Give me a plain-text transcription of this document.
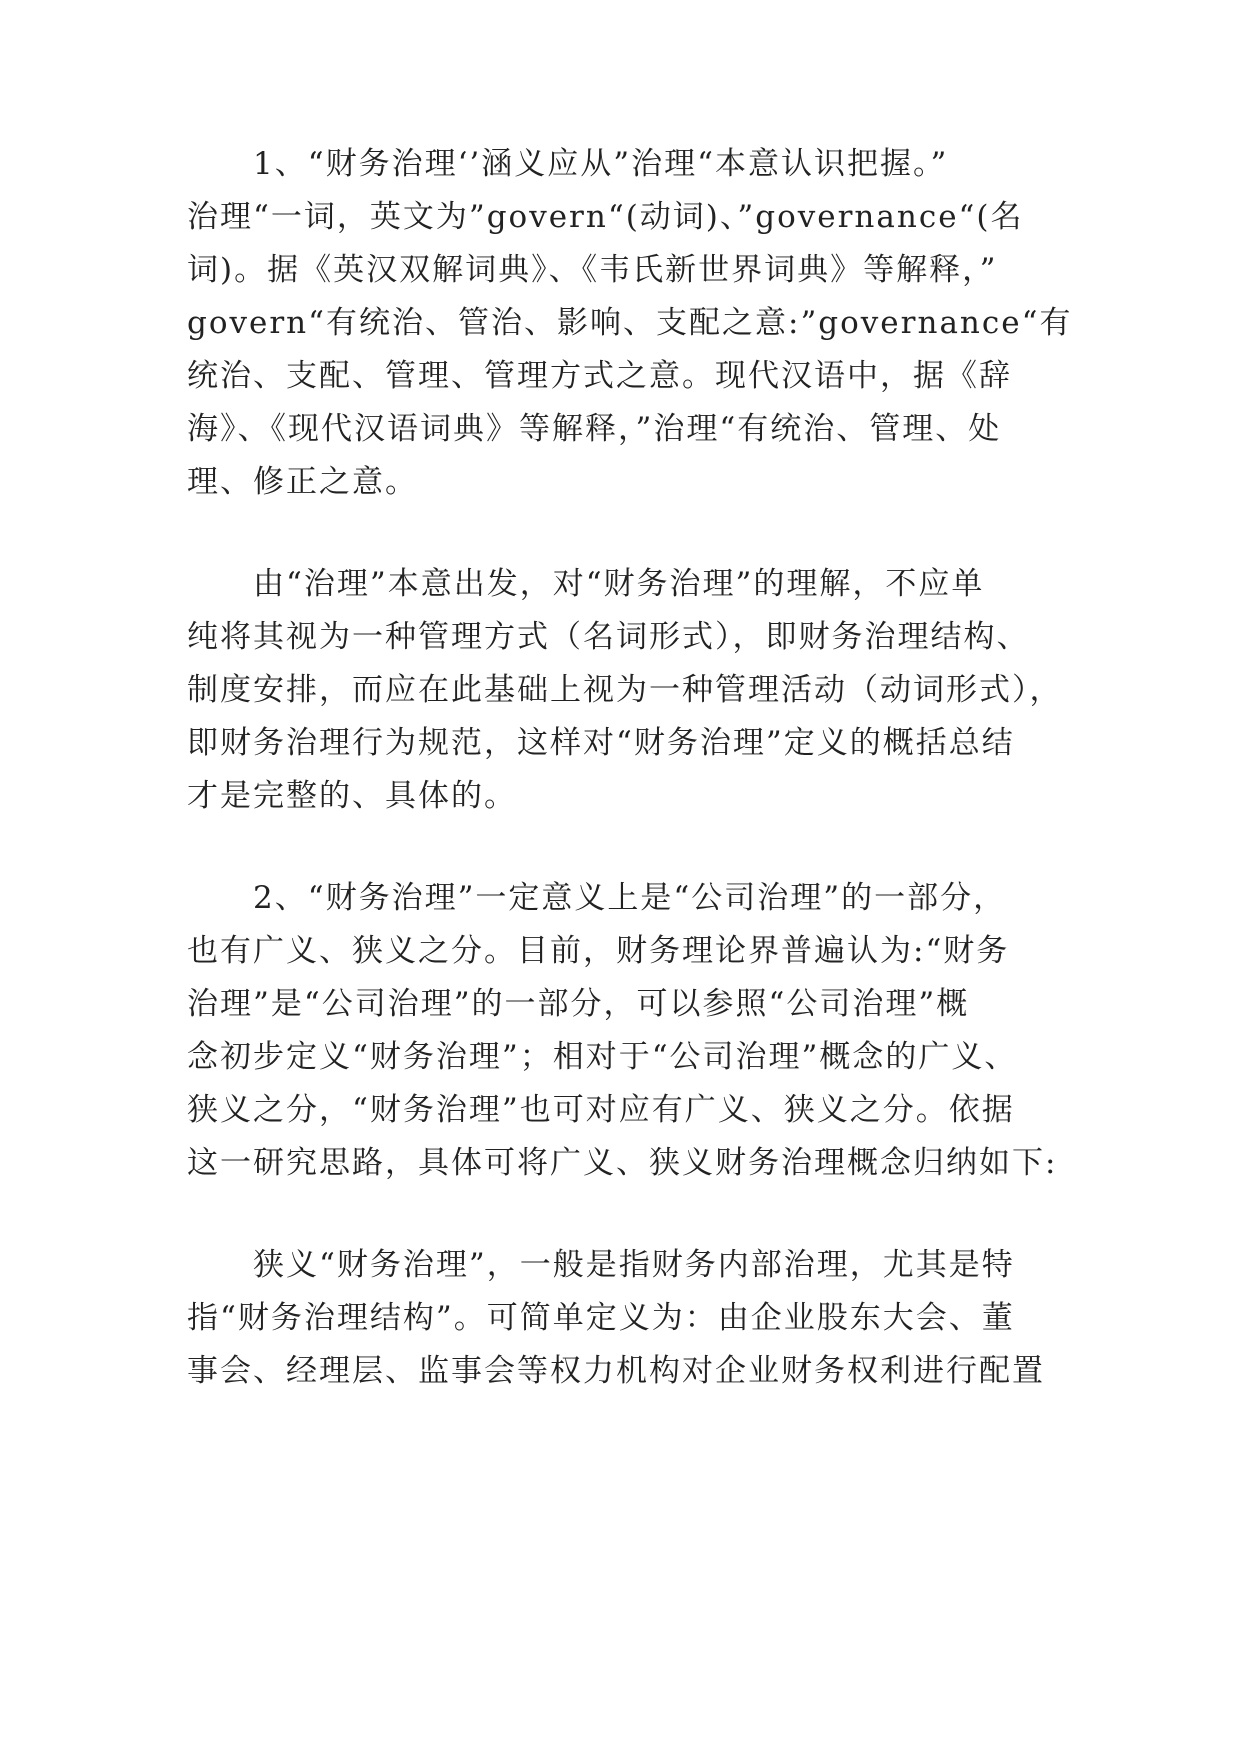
　　1、“财务治理‘’涵义应从”治理“本意认识把握。”
治理“一词，英文为”govern“(动词)、”governance“(名
词)。据《英汉双解词典》、《韦氏新世界词典》等解释，”
govern“有统治、管治、影响、支配之意:”governance“有
统治、支配、管理、管理方式之意。现代汉语中，据《辞
海》、《现代汉语词典》等解释，”治理“有统治、管理、处
理、修正之意。
　　由“治理”本意出发，对“财务治理”的理解，不应单
纯将其视为一种管理方式（名词形式），即财务治理结构、
制度安排，而应在此基础上视为一种管理活动（动词形式），
即财务治理行为规范，这样对“财务治理”定义的概括总结
才是完整的、具体的。
　　2、“财务治理”一定意义上是“公司治理”的一部分，
也有广义、狭义之分。目前，财务理论界普遍认为:“财务
治理”是“公司治理”的一部分，可以参照“公司治理”概
念初步定义“财务治理”；相对于“公司治理”概念的广义、
狭义之分，“财务治理”也可对应有广义、狭义之分。依据
这一研究思路，具体可将广义、狭义财务治理概念归纳如下:
　　狭义“财务治理”，一般是指财务内部治理，尤其是特
指“财务治理结构”。可简单定义为：由企业股东大会、董
事会、经理层、监事会等权力机构对企业财务权利进行配置
